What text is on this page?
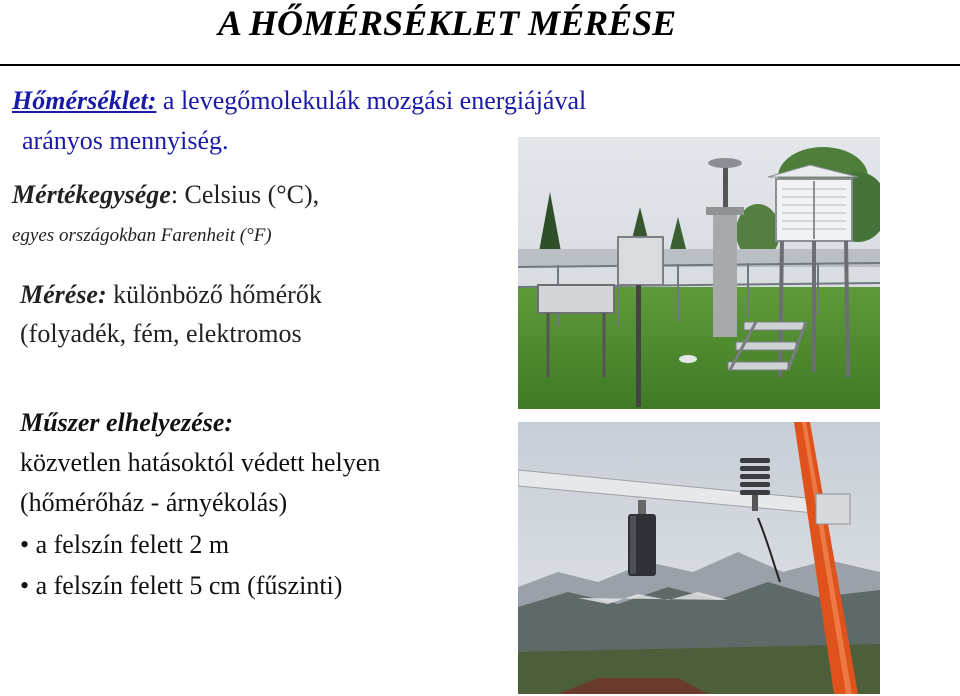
A HŐMÉRSÉKLET MÉRÉSE
Hőmérséklet: a levegőmolekulák mozgási energiájával
arányos mennyiség.
Mértékegysége: Celsius (°C),
egyes országokban Farenheit (°F)
Mérése: különböző hőmérők
(folyadék, fém, elektromos
Műszer elhelyezése:
közvetlen hatásoktól védett helyen
(hőmérőház - árnyékolás)
• a felszín felett 2 m
• a felszín felett 5 cm (fűszinti)
